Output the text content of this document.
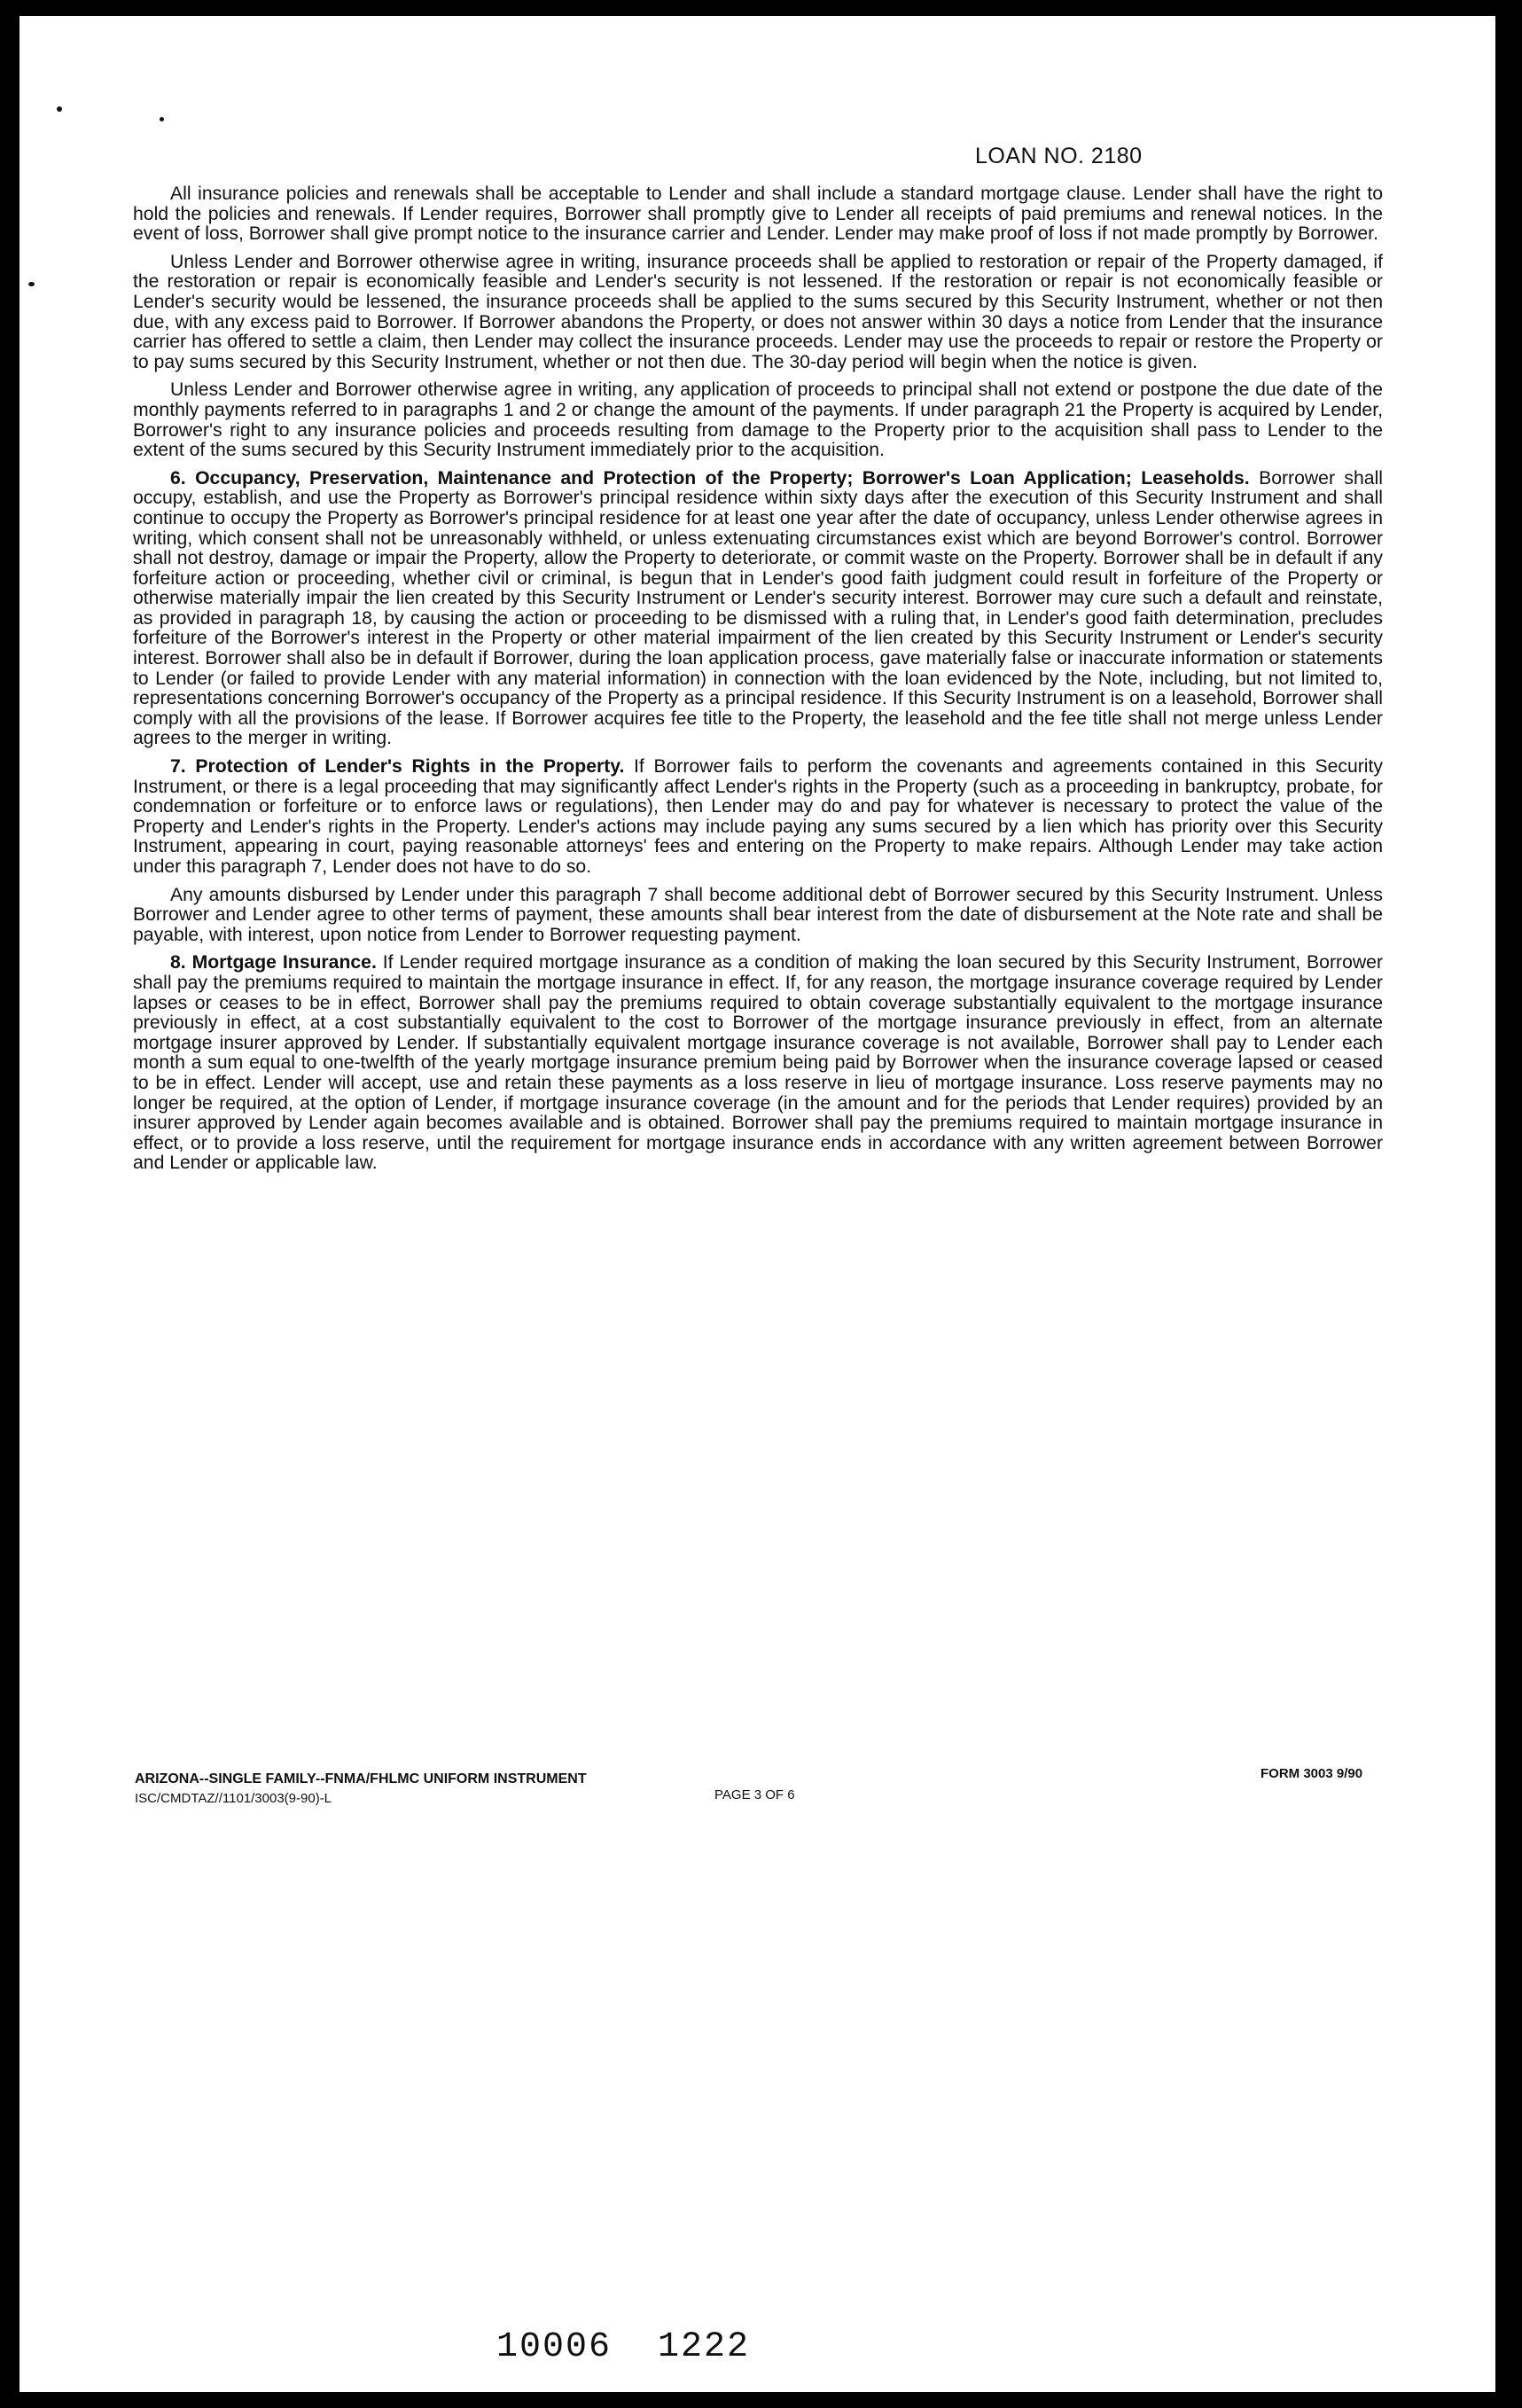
LOAN NO. 2180

All insurance policies and renewals shall be acceptable to Lender and shall include a standard mortgage clause. Lender shall have the right to hold the policies and renewals. If Lender requires, Borrower shall promptly give to Lender all receipts of paid premiums and renewal notices. In the event of loss, Borrower shall give prompt notice to the insurance carrier and Lender. Lender may make proof of loss if not made promptly by Borrower.

Unless Lender and Borrower otherwise agree in writing, insurance proceeds shall be applied to restoration or repair of the Property damaged, if the restoration or repair is economically feasible and Lender's security is not lessened. If the restoration or repair is not economically feasible or Lender's security would be lessened, the insurance proceeds shall be applied to the sums secured by this Security Instrument, whether or not then due, with any excess paid to Borrower. If Borrower abandons the Property, or does not answer within 30 days a notice from Lender that the insurance carrier has offered to settle a claim, then Lender may collect the insurance proceeds. Lender may use the proceeds to repair or restore the Property or to pay sums secured by this Security Instrument, whether or not then due. The 30-day period will begin when the notice is given.

Unless Lender and Borrower otherwise agree in writing, any application of proceeds to principal shall not extend or postpone the due date of the monthly payments referred to in paragraphs 1 and 2 or change the amount of the payments. If under paragraph 21 the Property is acquired by Lender, Borrower's right to any insurance policies and proceeds resulting from damage to the Property prior to the acquisition shall pass to Lender to the extent of the sums secured by this Security Instrument immediately prior to the acquisition.

6. Occupancy, Preservation, Maintenance and Protection of the Property; Borrower's Loan Application; Leaseholds. Borrower shall occupy, establish, and use the Property as Borrower's principal residence within sixty days after the execution of this Security Instrument and shall continue to occupy the Property as Borrower's principal residence for at least one year after the date of occupancy, unless Lender otherwise agrees in writing, which consent shall not be unreasonably withheld, or unless extenuating circumstances exist which are beyond Borrower's control. Borrower shall not destroy, damage or impair the Property, allow the Property to deteriorate, or commit waste on the Property. Borrower shall be in default if any forfeiture action or proceeding, whether civil or criminal, is begun that in Lender's good faith judgment could result in forfeiture of the Property or otherwise materially impair the lien created by this Security Instrument or Lender's security interest. Borrower may cure such a default and reinstate, as provided in paragraph 18, by causing the action or proceeding to be dismissed with a ruling that, in Lender's good faith determination, precludes forfeiture of the Borrower's interest in the Property or other material impairment of the lien created by this Security Instrument or Lender's security interest. Borrower shall also be in default if Borrower, during the loan application process, gave materially false or inaccurate information or statements to Lender (or failed to provide Lender with any material information) in connection with the loan evidenced by the Note, including, but not limited to, representations concerning Borrower's occupancy of the Property as a principal residence. If this Security Instrument is on a leasehold, Borrower shall comply with all the provisions of the lease. If Borrower acquires fee title to the Property, the leasehold and the fee title shall not merge unless Lender agrees to the merger in writing.

7. Protection of Lender's Rights in the Property. If Borrower fails to perform the covenants and agreements contained in this Security Instrument, or there is a legal proceeding that may significantly affect Lender's rights in the Property (such as a proceeding in bankruptcy, probate, for condemnation or forfeiture or to enforce laws or regulations), then Lender may do and pay for whatever is necessary to protect the value of the Property and Lender's rights in the Property. Lender's actions may include paying any sums secured by a lien which has priority over this Security Instrument, appearing in court, paying reasonable attorneys' fees and entering on the Property to make repairs. Although Lender may take action under this paragraph 7, Lender does not have to do so.

Any amounts disbursed by Lender under this paragraph 7 shall become additional debt of Borrower secured by this Security Instrument. Unless Borrower and Lender agree to other terms of payment, these amounts shall bear interest from the date of disbursement at the Note rate and shall be payable, with interest, upon notice from Lender to Borrower requesting payment.

8. Mortgage Insurance. If Lender required mortgage insurance as a condition of making the loan secured by this Security Instrument, Borrower shall pay the premiums required to maintain the mortgage insurance in effect. If, for any reason, the mortgage insurance coverage required by Lender lapses or ceases to be in effect, Borrower shall pay the premiums required to obtain coverage substantially equivalent to the mortgage insurance previously in effect, at a cost substantially equivalent to the cost to Borrower of the mortgage insurance previously in effect, from an alternate mortgage insurer approved by Lender. If substantially equivalent mortgage insurance coverage is not available, Borrower shall pay to Lender each month a sum equal to one-twelfth of the yearly mortgage insurance premium being paid by Borrower when the insurance coverage lapsed or ceased to be in effect. Lender will accept, use and retain these payments as a loss reserve in lieu of mortgage insurance. Loss reserve payments may no longer be required, at the option of Lender, if mortgage insurance coverage (in the amount and for the periods that Lender requires) provided by an insurer approved by Lender again becomes available and is obtained. Borrower shall pay the premiums required to maintain mortgage insurance in effect, or to provide a loss reserve, until the requirement for mortgage insurance ends in accordance with any written agreement between Borrower and Lender or applicable law.

ARIZONA--SINGLE FAMILY--FNMA/FHLMC UNIFORM INSTRUMENT
ISC/CMDTAZ//1101/3003(9-90)-L	PAGE 3 OF 6
FORM 3003 9/90
10006 1222
